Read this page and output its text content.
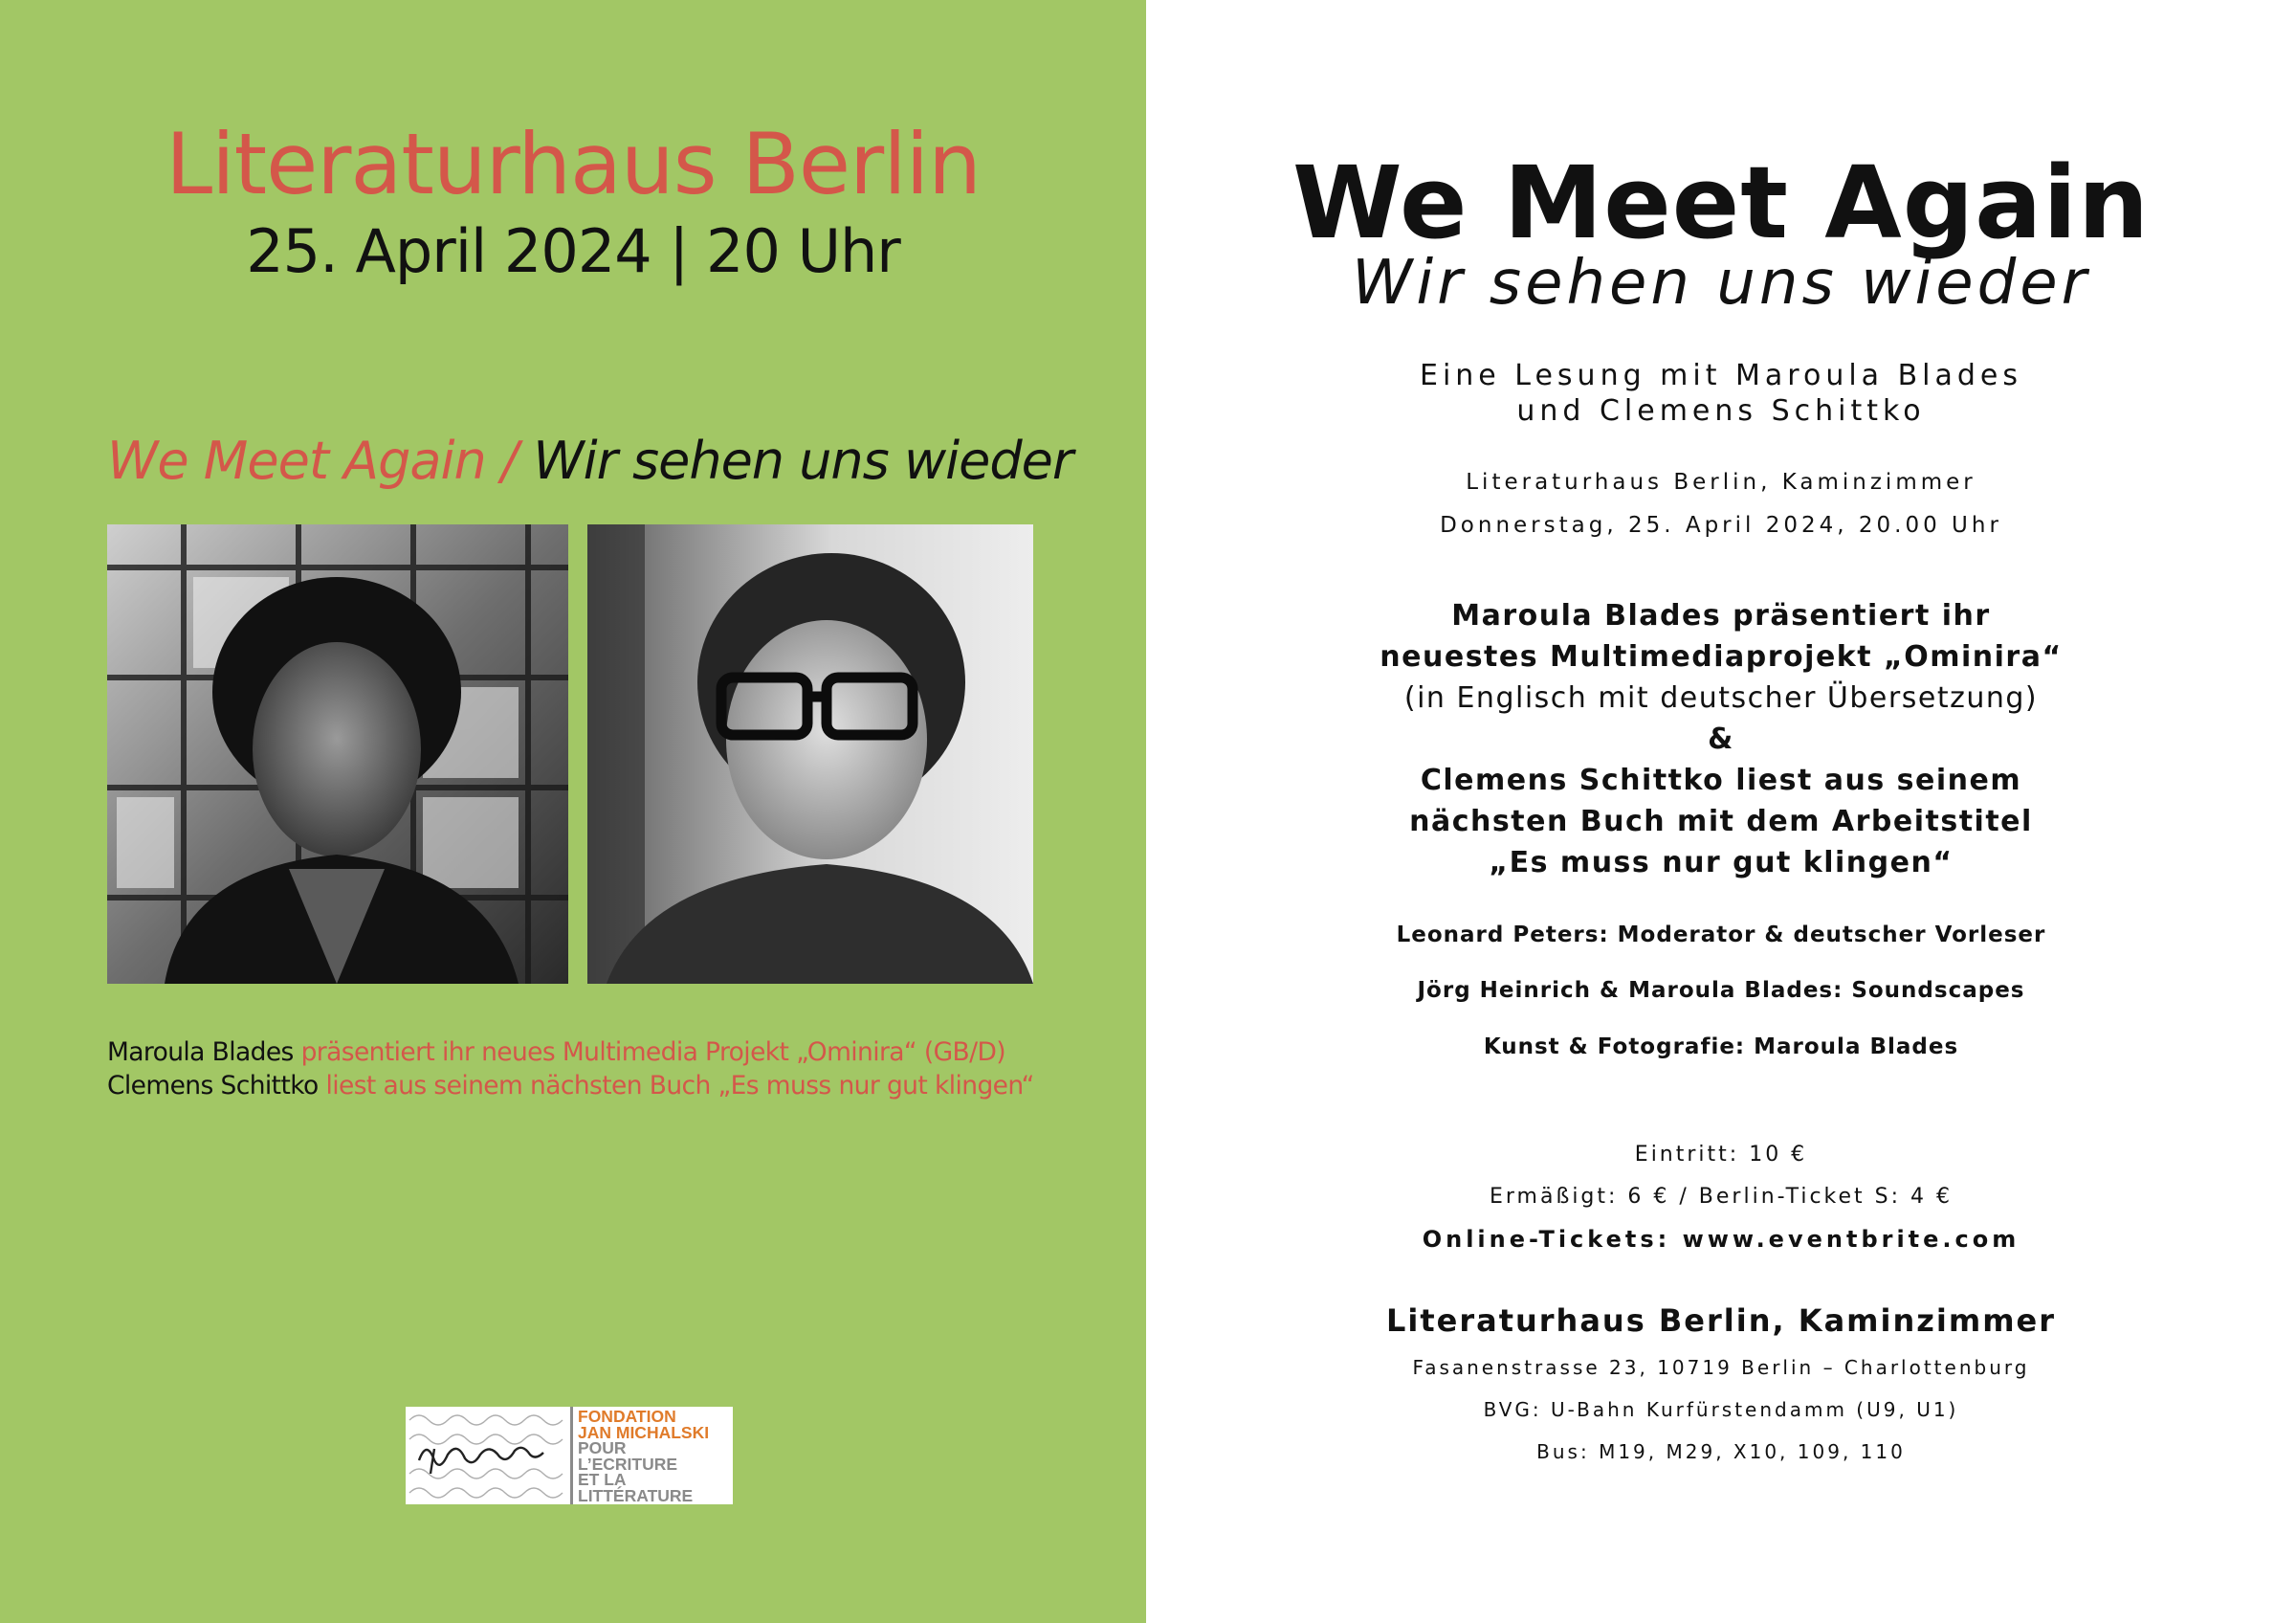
Literaturhaus Berlin
25. April 2024 | 20 Uhr
We Meet Again / Wir sehen uns wieder
Maroula Blades präsentiert ihr neues Multimedia Projekt „Ominira“ (GB/D)
Clemens Schittko liest aus seinem nächsten Buch „Es muss nur gut klingen“
FONDATION
JAN MICHALSKI
POUR
L’ECRITURE
ET LA
LITTÉRATURE
We Meet Again
Wir sehen uns wieder
Eine Lesung mit Maroula Blades
und Clemens Schittko
Literaturhaus Berlin, Kaminzimmer
Donnerstag, 25. April 2024, 20.00 Uhr
Maroula Blades präsentiert ihr
neuestes Multimediaprojekt „Ominira“
(in Englisch mit deutscher Übersetzung)
&
Clemens Schittko liest aus seinem
nächsten Buch mit dem Arbeitstitel
„Es muss nur gut klingen“
Leonard Peters: Moderator & deutscher Vorleser
Jörg Heinrich & Maroula Blades: Soundscapes
Kunst & Fotografie: Maroula Blades
Eintritt: 10 €
Ermäßigt: 6 € / Berlin-Ticket S: 4 €
Online-Tickets: www.eventbrite.com
Literaturhaus Berlin, Kaminzimmer
Fasanenstrasse 23, 10719 Berlin – Charlottenburg
BVG: U-Bahn Kurfürstendamm (U9, U1)
Bus: M19, M29, X10, 109, 110
